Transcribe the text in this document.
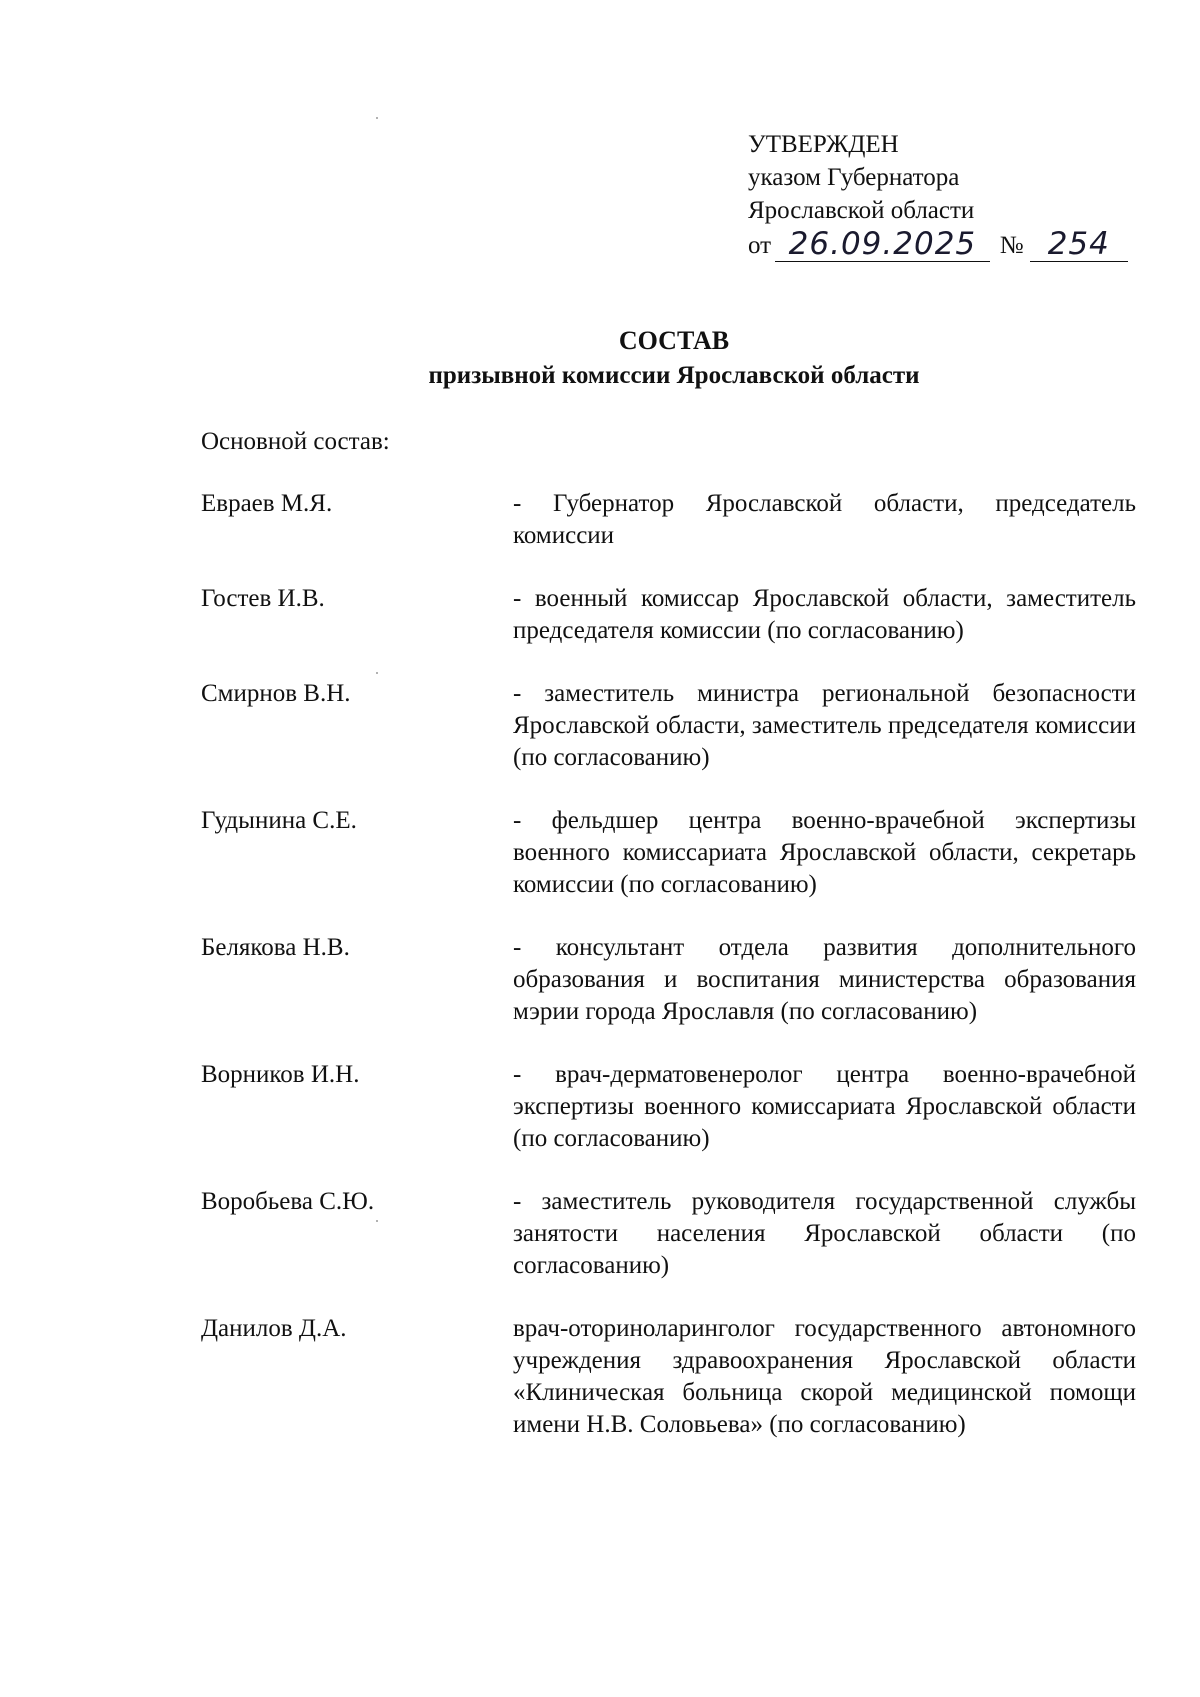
УТВЕРЖДЕН
указом Губернатора
Ярославской области
от 26.09.2025 № 254
СОСТАВ
призывной комиссии Ярославской области
Основной состав:
Евраев М.Я.	- Губернатор Ярославской области, председатель комиссии
Гостев И.В.	- военный комиссар Ярославской области, заместитель председателя комиссии (по согласованию)
Смирнов В.Н.	- заместитель министра региональной безопасности Ярославской области, заместитель председателя комиссии (по согласованию)
Гудынина С.Е.	- фельдшер центра военно-врачебной экспертизы военного комиссариата Ярославской области, секретарь комиссии (по согласованию)
Белякова Н.В.	- консультант отдела развития дополнительного образования и воспитания министерства образования мэрии города Ярославля (по согласованию)
Ворников И.Н.	- врач-дерматовенеролог центра военно-врачебной экспертизы военного комиссариата Ярославской области (по согласованию)
Воробьева С.Ю.	- заместитель руководителя государственной службы занятости населения Ярославской области (по согласованию)
Данилов Д.А.	врач-оториноларинголог государственного автономного учреждения здравоохранения Ярославской области «Клиническая больница скорой медицинской помощи имени Н.В. Соловьева» (по согласованию)
